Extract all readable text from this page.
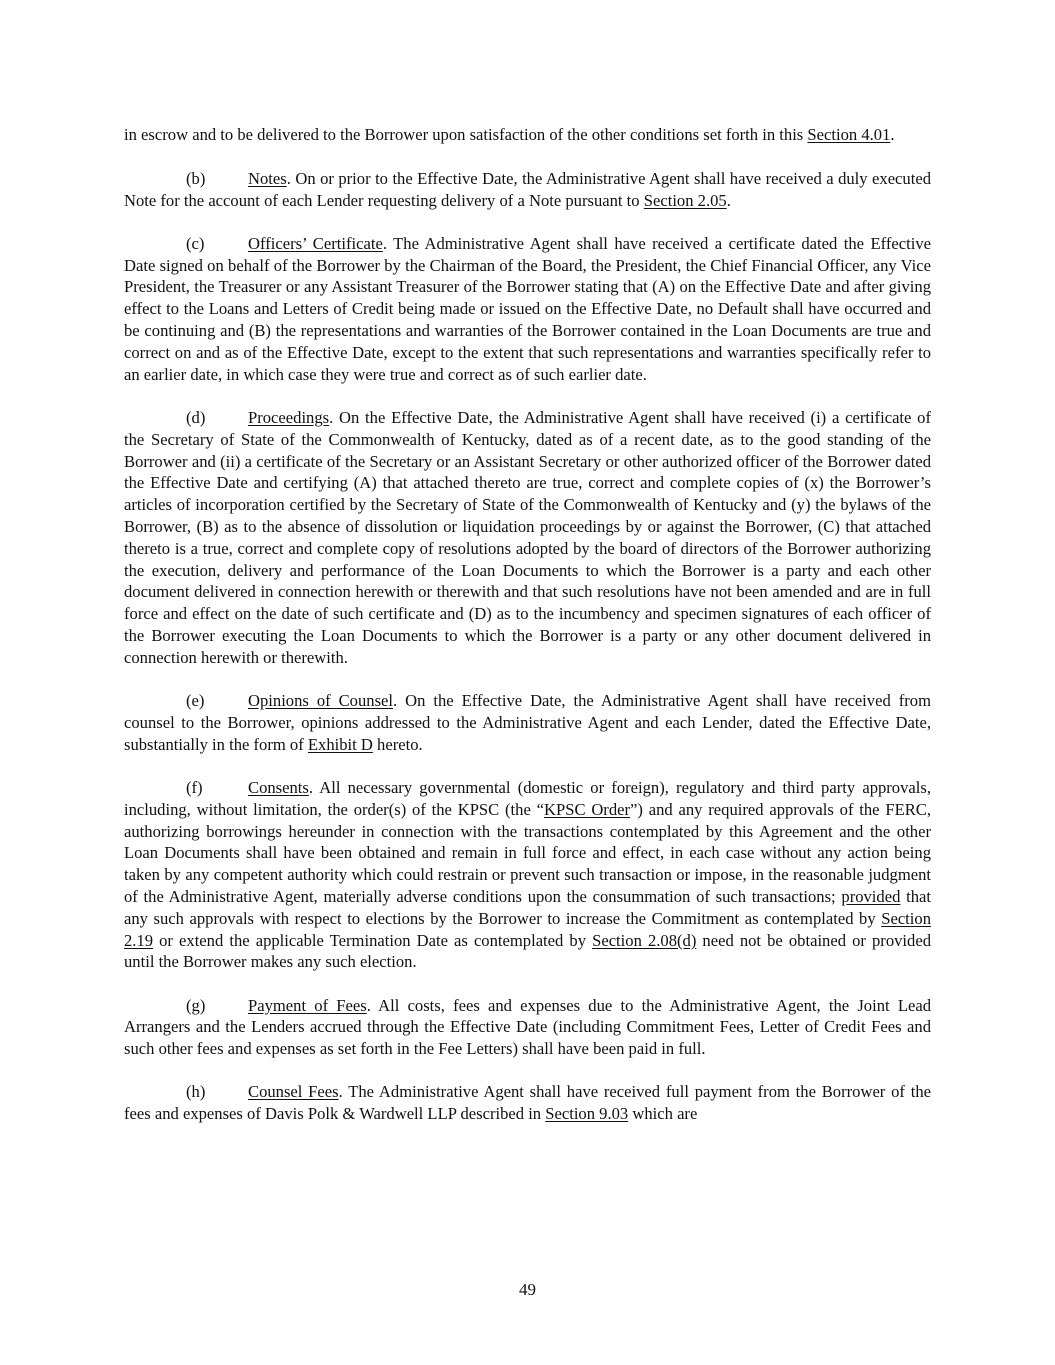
in escrow and to be delivered to the Borrower upon satisfaction of the other conditions set forth in this Section 4.01.

(b)	Notes. On or prior to the Effective Date, the Administrative Agent shall have received a duly executed Note for the account of each Lender requesting delivery of a Note pursuant to Section 2.05.

(c)	Officers’ Certificate. The Administrative Agent shall have received a certificate dated the Effective Date signed on behalf of the Borrower by the Chairman of the Board, the President, the Chief Financial Officer, any Vice President, the Treasurer or any Assistant Treasurer of the Borrower stating that (A) on the Effective Date and after giving effect to the Loans and Letters of Credit being made or issued on the Effective Date, no Default shall have occurred and be continuing and (B) the representations and warranties of the Borrower contained in the Loan Documents are true and correct on and as of the Effective Date, except to the extent that such representations and warranties specifically refer to an earlier date, in which case they were true and correct as of such earlier date.

(d)	Proceedings. On the Effective Date, the Administrative Agent shall have received (i) a certificate of the Secretary of State of the Commonwealth of Kentucky, dated as of a recent date, as to the good standing of the Borrower and (ii) a certificate of the Secretary or an Assistant Secretary or other authorized officer of the Borrower dated the Effective Date and certifying (A) that attached thereto are true, correct and complete copies of (x) the Borrower’s articles of incorporation certified by the Secretary of State of the Commonwealth of Kentucky and (y) the bylaws of the Borrower, (B) as to the absence of dissolution or liquidation proceedings by or against the Borrower, (C) that attached thereto is a true, correct and complete copy of resolutions adopted by the board of directors of the Borrower authorizing the execution, delivery and performance of the Loan Documents to which the Borrower is a party and each other document delivered in connection herewith or therewith and that such resolutions have not been amended and are in full force and effect on the date of such certificate and (D) as to the incumbency and specimen signatures of each officer of the Borrower executing the Loan Documents to which the Borrower is a party or any other document delivered in connection herewith or therewith.

(e)	Opinions of Counsel. On the Effective Date, the Administrative Agent shall have received from counsel to the Borrower, opinions addressed to the Administrative Agent and each Lender, dated the Effective Date, substantially in the form of Exhibit D hereto.

(f)	Consents. All necessary governmental (domestic or foreign), regulatory and third party approvals, including, without limitation, the order(s) of the KPSC (the “KPSC Order”) and any required approvals of the FERC, authorizing borrowings hereunder in connection with the transactions contemplated by this Agreement and the other Loan Documents shall have been obtained and remain in full force and effect, in each case without any action being taken by any competent authority which could restrain or prevent such transaction or impose, in the reasonable judgment of the Administrative Agent, materially adverse conditions upon the consummation of such transactions; provided that any such approvals with respect to elections by the Borrower to increase the Commitment as contemplated by Section 2.19 or extend the applicable Termination Date as contemplated by Section 2.08(d) need not be obtained or provided until the Borrower makes any such election.

(g)	Payment of Fees. All costs, fees and expenses due to the Administrative Agent, the Joint Lead Arrangers and the Lenders accrued through the Effective Date (including Commitment Fees, Letter of Credit Fees and such other fees and expenses as set forth in the Fee Letters) shall have been paid in full.

(h)	Counsel Fees. The Administrative Agent shall have received full payment from the Borrower of the fees and expenses of Davis Polk & Wardwell LLP described in Section 9.03 which are

49
